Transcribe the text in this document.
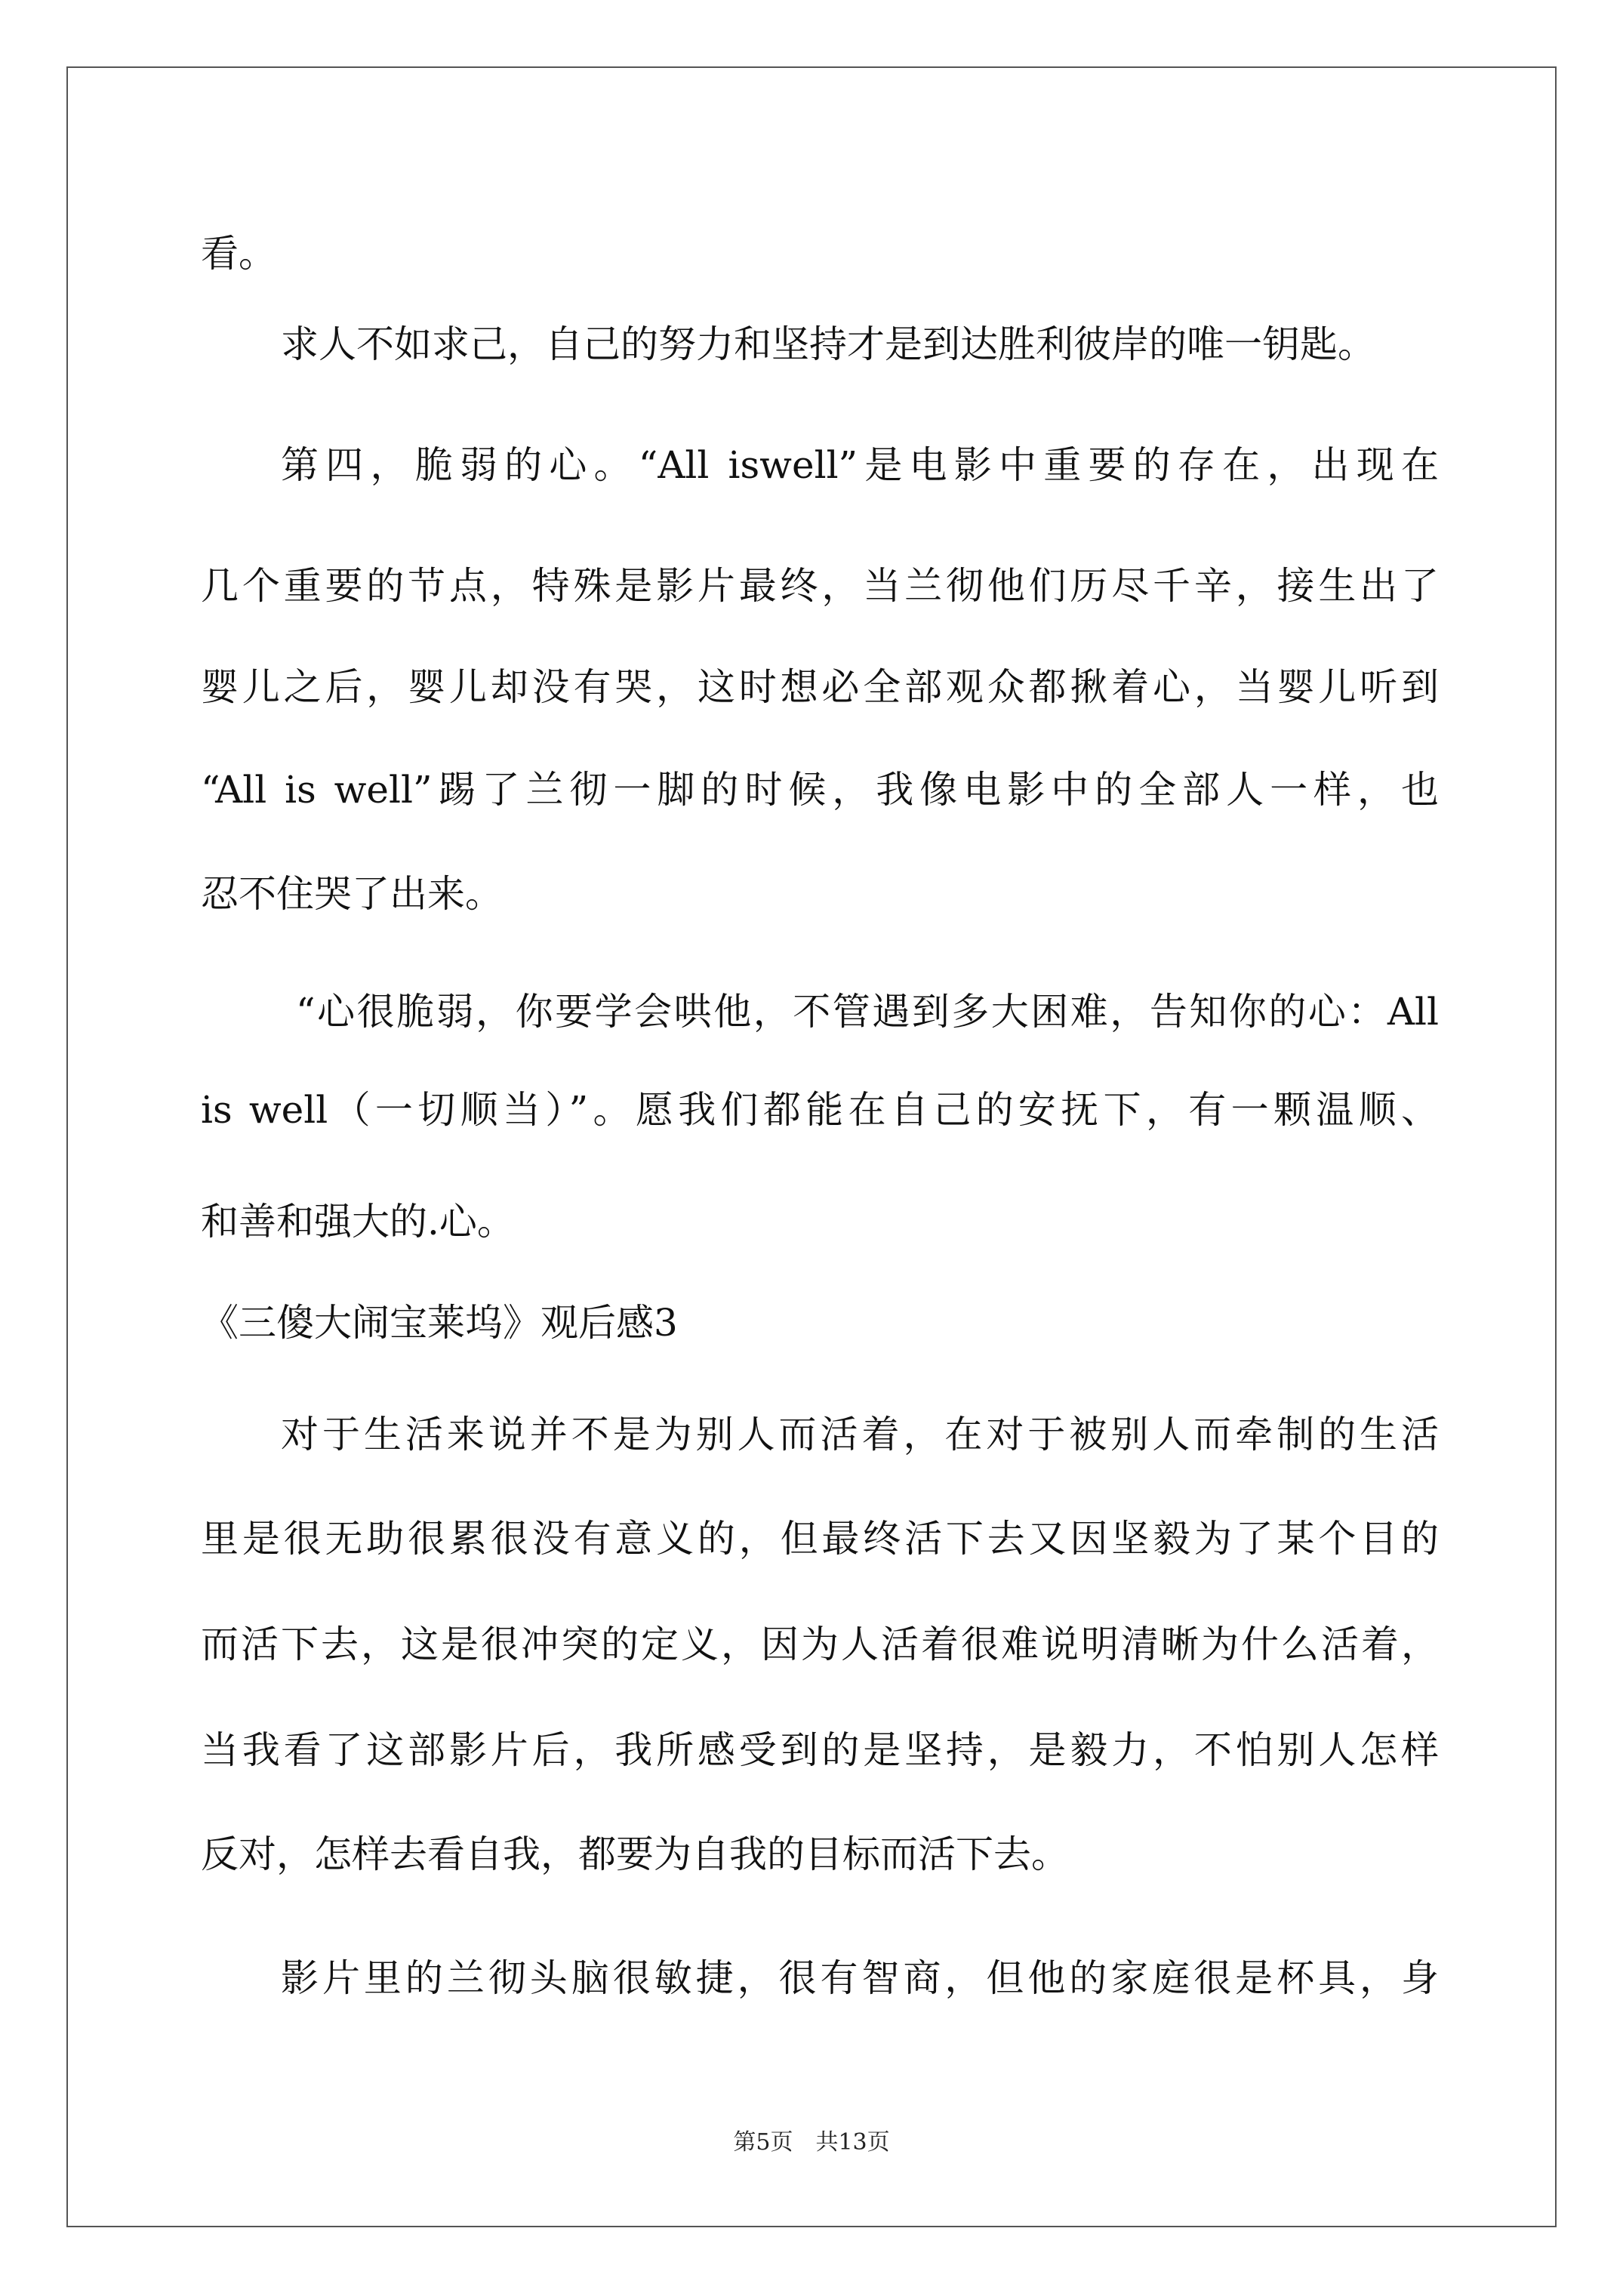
看。
求人不如求己，自己的努力和坚持才是到达胜利彼岸的唯一钥匙。
第四，脆弱的心。“All iswell”是电影中重要的存在，出现在
几个重要的节点，特殊是影片最终，当兰彻他们历尽千辛，接生出了
婴儿之后，婴儿却没有哭，这时想必全部观众都揪着心，当婴儿听到
“All is well”踢了兰彻一脚的时候，我像电影中的全部人一样，也
忍不住哭了出来。
“心很脆弱，你要学会哄他，不管遇到多大困难，告知你的心：All
is well（一切顺当）”。愿我们都能在自己的安抚下，有一颗温顺、
和善和强大的.心。
《三傻大闹宝莱坞》观后感3
对于生活来说并不是为别人而活着，在对于被别人而牵制的生活
里是很无助很累很没有意义的，但最终活下去又因坚毅为了某个目的
而活下去，这是很冲突的定义，因为人活着很难说明清晰为什么活着，
当我看了这部影片后，我所感受到的是坚持，是毅力，不怕别人怎样
反对，怎样去看自我，都要为自我的目标而活下去。
影片里的兰彻头脑很敏捷，很有智商，但他的家庭很是杯具，身
第5页　共13页
